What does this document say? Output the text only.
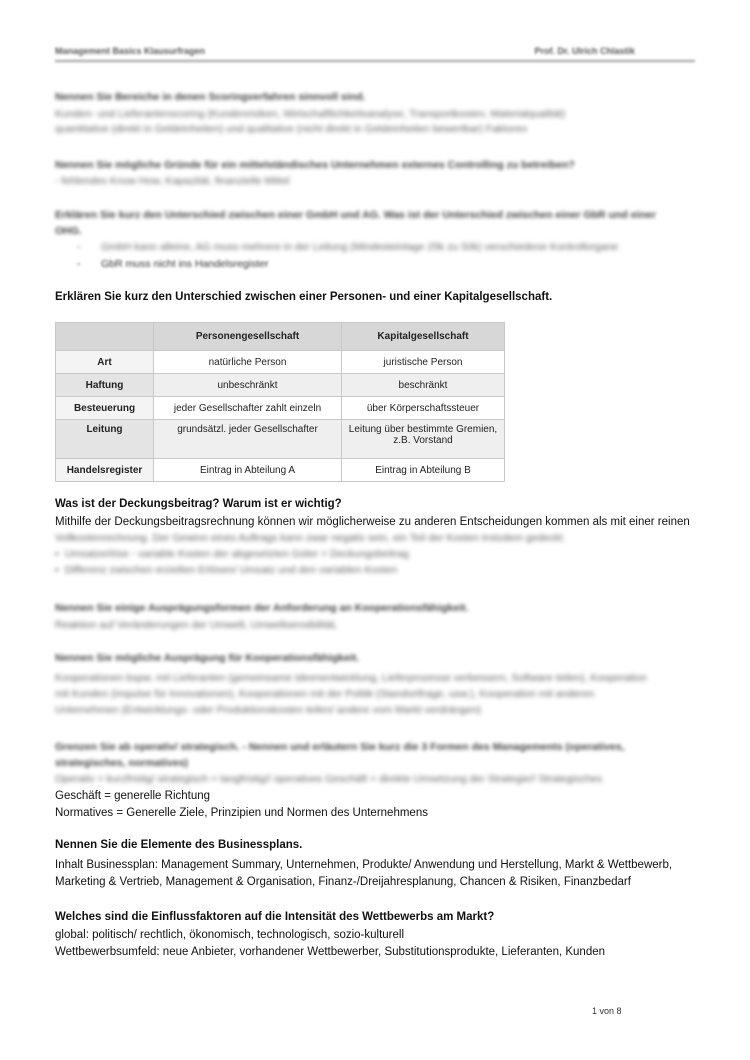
Management Basics Klausurfragen	Prof. Dr. Ulrich Chlastik
Nennen Sie Bereiche in denen Scoringverfahren sinnvoll sind.
Kunden- und Lieferantenscoring (Kundenrisiken, Wirtschaftlichkeitsanalyse, Transportkosten, Materialqualität)
quantitative (direkt in Geldeinheiten) und qualitative (nicht direkt in Geldeinheiten bewertbar) Faktoren
Nennen Sie mögliche Gründe für ein mittelständisches Unternehmen externes Controlling zu betreiben?
- fehlendes Know How, Kapazität, finanzielle Mittel
Erklären Sie kurz den Unterschied zwischen einer GmbH und AG. Was ist der Unterschied zwischen einer GbR und einer
OHG.
- GmbH kann alleine, AG muss mehrere in der Leitung (Mindesteinlage 25k zu 50k) verschiedene Kontrollorgane
- GbR muss nicht ins Handelsregister
Erklären Sie kurz den Unterschied zwischen einer Personen- und einer Kapitalgesellschaft.
	Personengesellschaft	Kapitalgesellschaft
Art	natürliche Person	juristische Person
Haftung	unbeschränkt	beschränkt
Besteuerung	jeder Gesellschafter zahlt einzeln	über Körperschaftssteuer
Leitung	grundsätzl. jeder Gesellschafter	Leitung über bestimmte Gremien, z.B. Vorstand
Handelsregister	Eintrag in Abteilung A	Eintrag in Abteilung B
Was ist der Deckungsbeitrag? Warum ist er wichtig?
Mithilfe der Deckungsbeitragsrechnung können wir möglicherweise zu anderen Entscheidungen kommen als mit einer reinen
Vollkostenrechnung. Der Gewinn eines Auftrags kann zwar negativ sein, ein Teil der Kosten trotzdem gedeckt.
▪ Umsatzerlöse - variable Kosten der abgesetzten Güter = Deckungsbeitrag
▪ Differenz zwischen erzielten Erlösen/ Umsatz und den variablen Kosten
Nennen Sie einige Ausprägungsformen der Anforderung an Kooperationsfähigkeit.
Reaktion auf Veränderungen der Umwelt, Umweltsensibilität,
Nennen Sie mögliche Ausprägung für Kooperationsfähigkeit.
Kooperationen bspw. mit Lieferanten (gemeinsame Ideenentwicklung, Lieferprozesse verbessern, Software teilen), Kooperation
mit Kunden (Impulse für Innovationen), Kooperationen mit der Politik (Standortfrage, usw.), Kooperation mit anderen
Unternehmen (Entwicklungs- oder Produktionskosten teilen/ andere vom Markt verdrängen)
Grenzen Sie ab operativ/ strategisch. - Nennen und erläutern Sie kurz die 3 Formen des Managements (operatives,
strategisches, normatives)
Operativ = kurzfristig/ strategisch = langfristig// operatives Geschäft = direkte Umsetzung der Strategie// Strategisches
Geschäft = generelle Richtung
Normatives = Generelle Ziele, Prinzipien und Normen des Unternehmens
Nennen Sie die Elemente des Businessplans.
Inhalt Businessplan: Management Summary, Unternehmen, Produkte/ Anwendung und Herstellung, Markt & Wettbewerb,
Marketing & Vertrieb, Management & Organisation, Finanz-/Dreijahresplanung, Chancen & Risiken, Finanzbedarf
Welches sind die Einflussfaktoren auf die Intensität des Wettbewerbs am Markt?
global: politisch/ rechtlich, ökonomisch, technologisch, sozio-kulturell
Wettbewerbsumfeld: neue Anbieter, vorhandener Wettbewerber, Substitutionsprodukte, Lieferanten, Kunden
1 von 8
